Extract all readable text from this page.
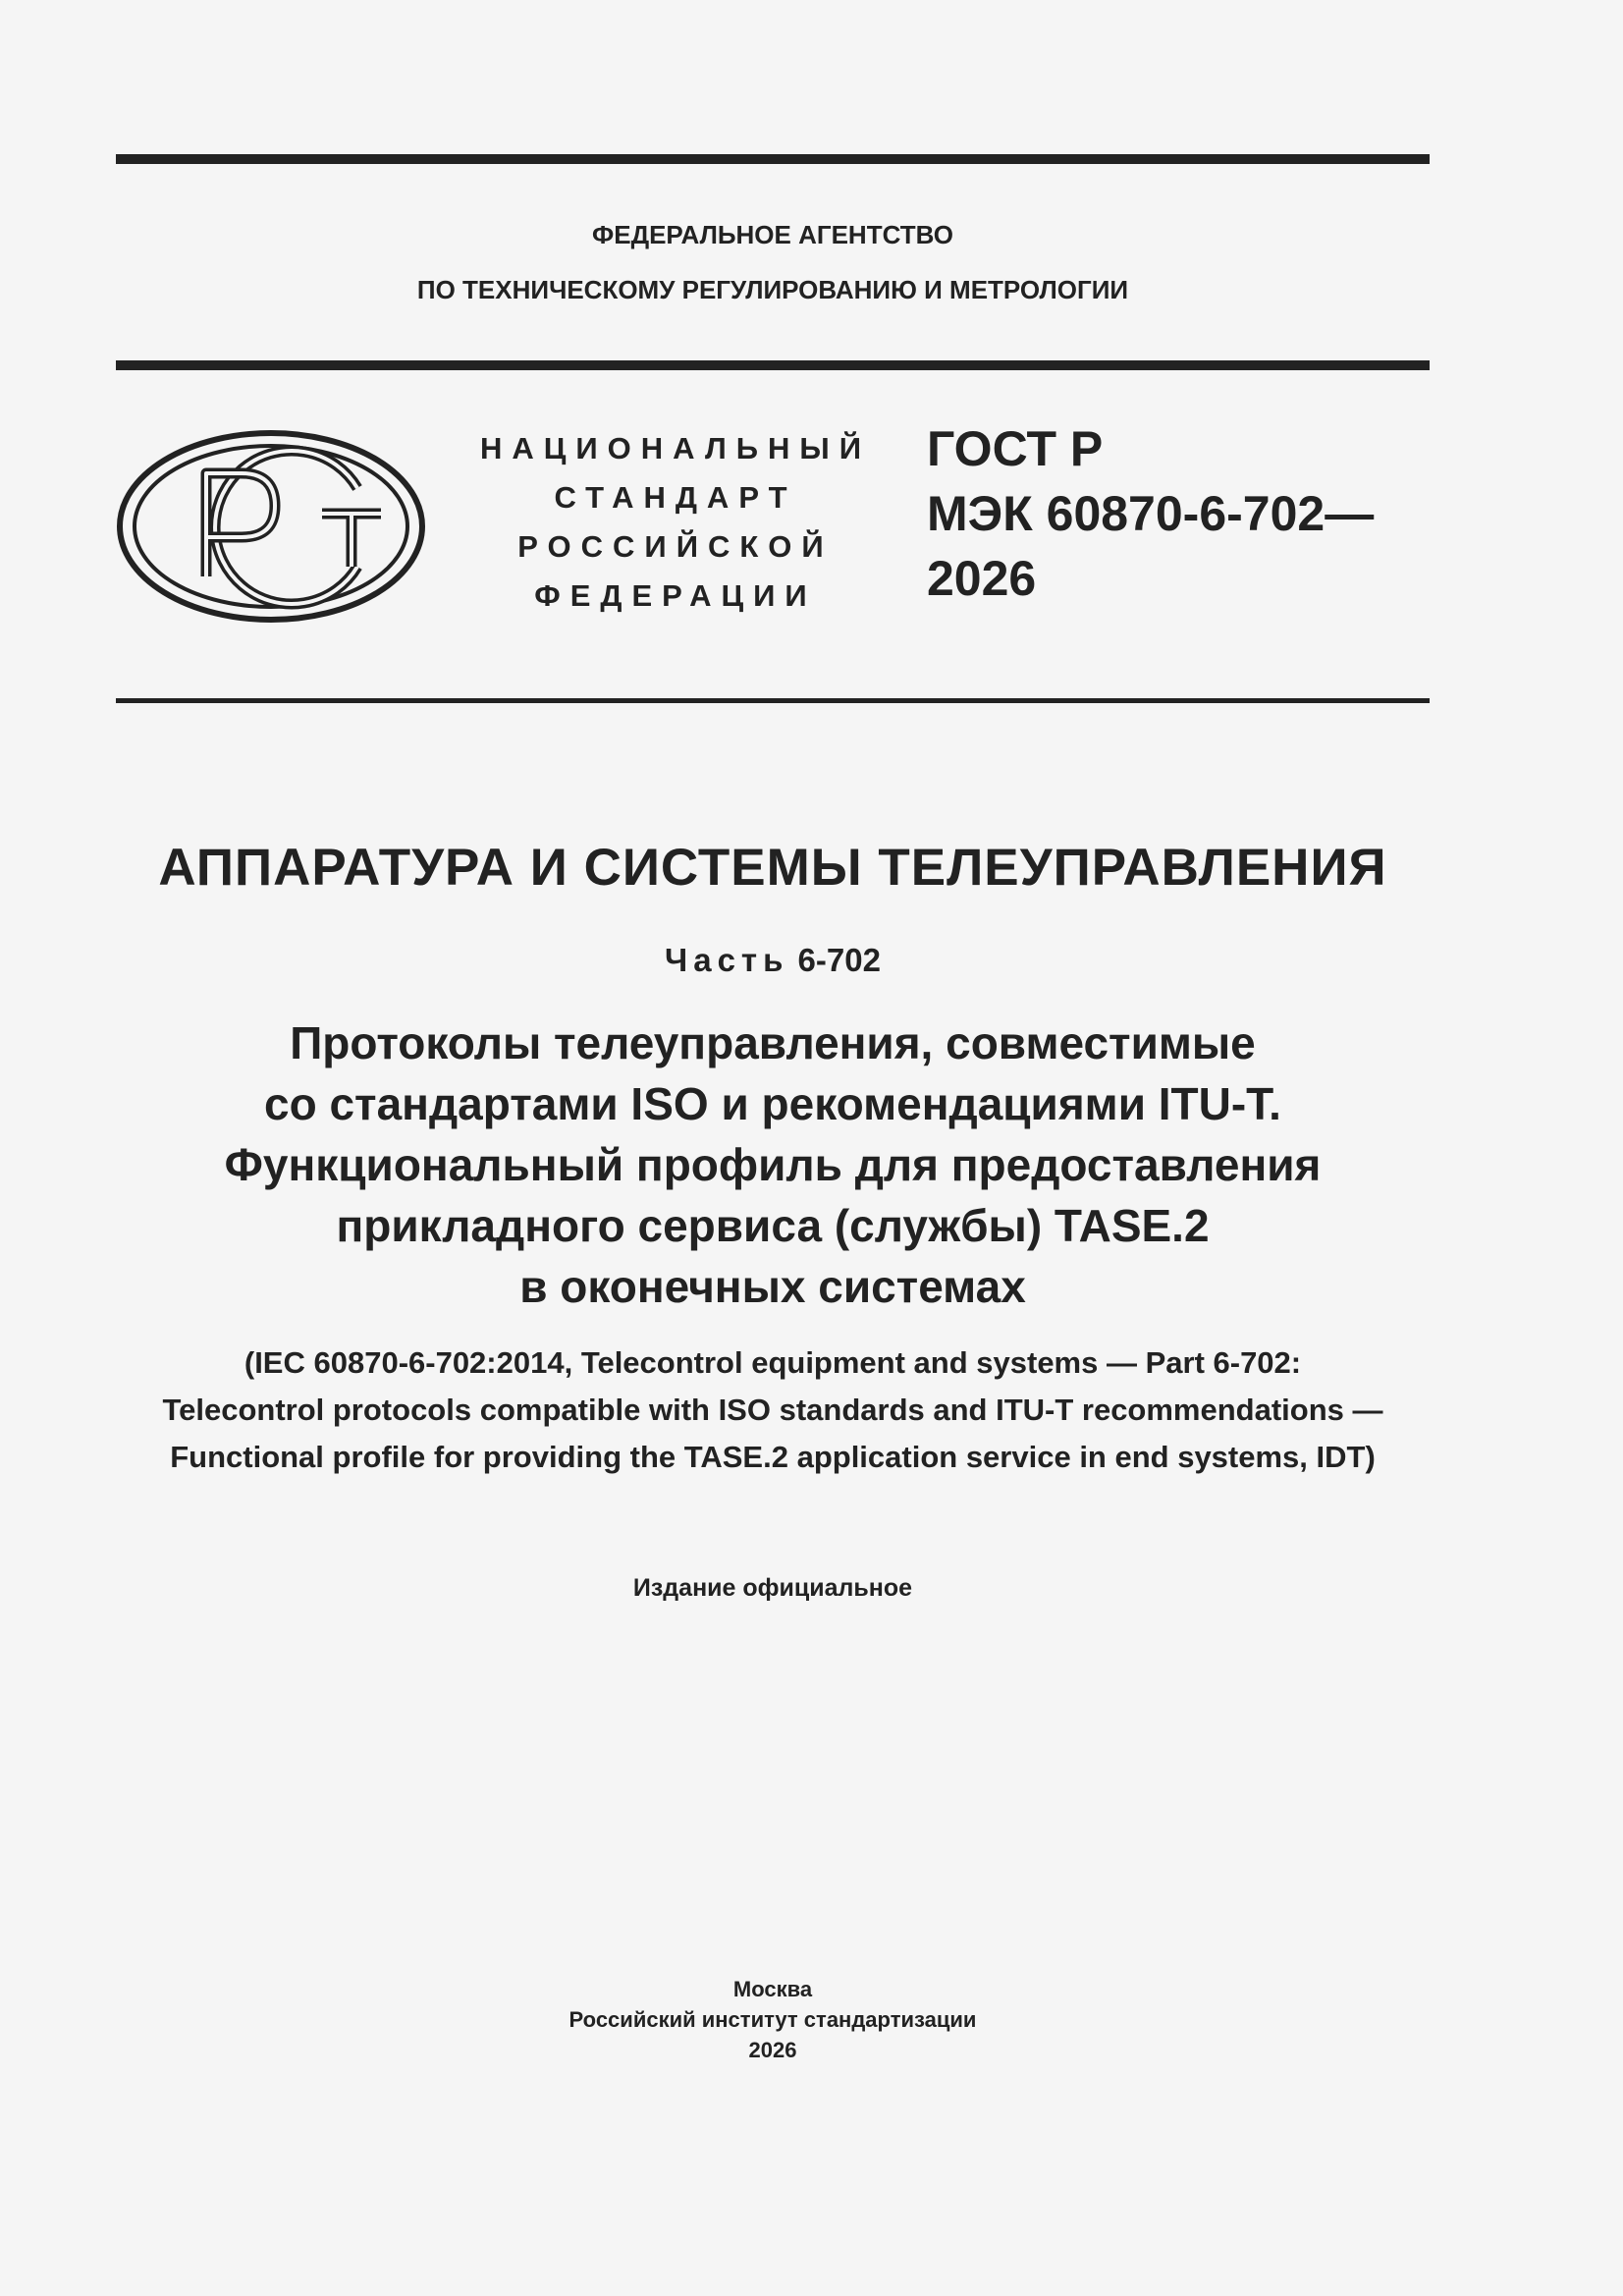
ФЕДЕРАЛЬНОЕ АГЕНТСТВО
ПО ТЕХНИЧЕСКОМУ РЕГУЛИРОВАНИЮ И МЕТРОЛОГИИ
НАЦИОНАЛЬНЫЙ
СТАНДАРТ
РОССИЙСКОЙ
ФЕДЕРАЦИИ
ГОСТ Р
МЭК 60870-6-702—
2026
АППАРАТУРА И СИСТЕМЫ ТЕЛЕУПРАВЛЕНИЯ
Часть 6-702
Протоколы телеуправления, совместимые
со стандартами ISO и рекомендациями ITU-T.
Функциональный профиль для предоставления
прикладного сервиса (службы) TASE.2
в оконечных системах
(IEC 60870-6-702:2014, Telecontrol equipment and systems — Part 6-702:
Telecontrol protocols compatible with ISO standards and ITU-T recommendations —
Functional profile for providing the TASE.2 application service in end systems, IDT)
Издание официальное
Москва
Российский институт стандартизации
2026
